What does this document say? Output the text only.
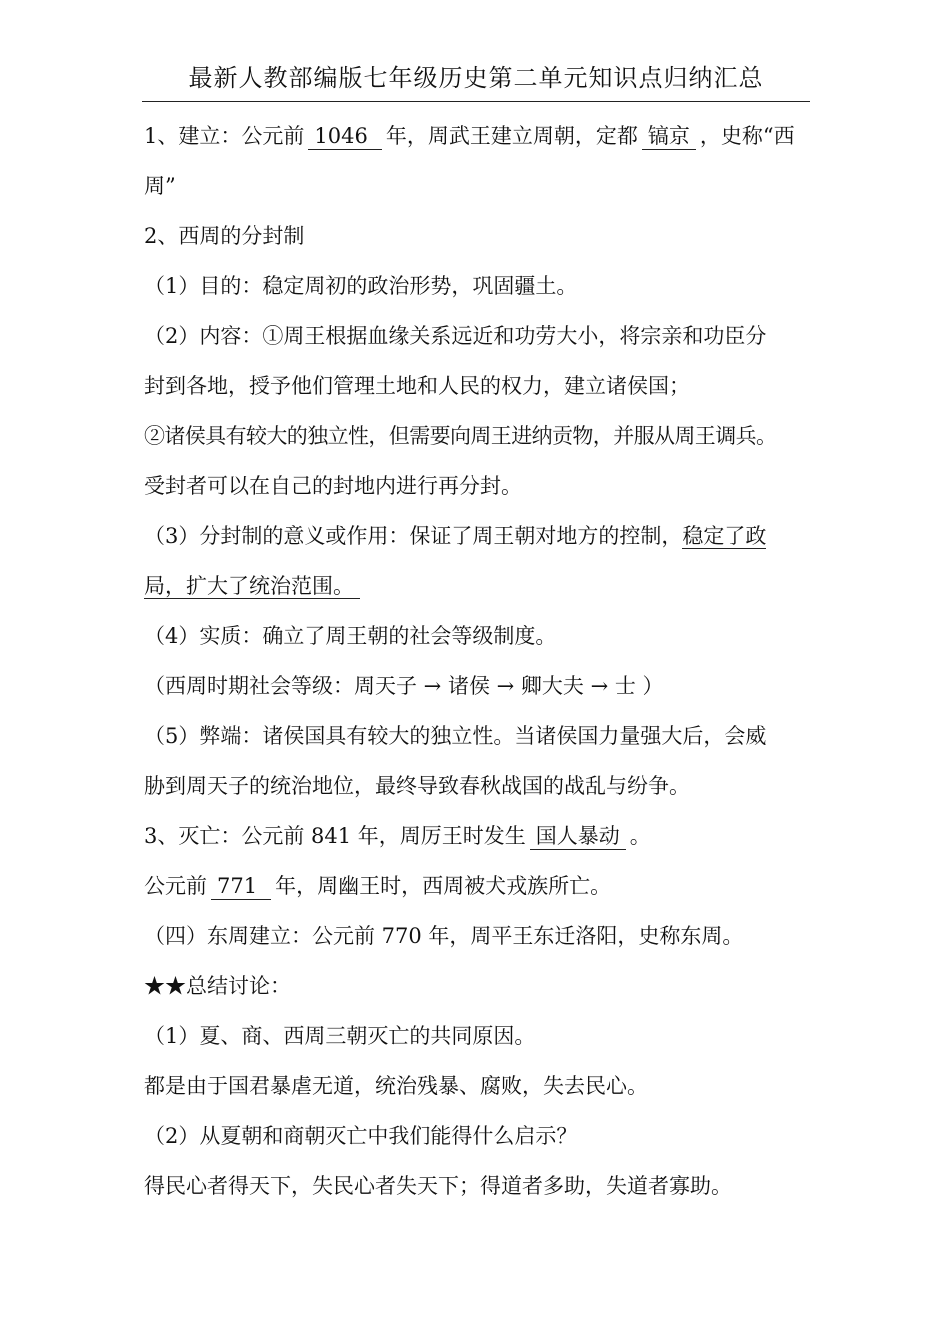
最新人教部编版七年级历史第二单元知识点归纳汇总
1、建立：公元前 1046 年，周武王建立周朝，定都 镐京 ，史称“西
周”
2、西周的分封制
（1）目的：稳定周初的政治形势，巩固疆土。
（2）内容：①周王根据血缘关系远近和功劳大小，将宗亲和功臣分
封到各地，授予他们管理土地和人民的权力，建立诸侯国；
②诸侯具有较大的独立性，但需要向周王进纳贡物，并服从周王调兵。
受封者可以在自己的封地内进行再分封。
（3）分封制的意义或作用：保证了周王朝对地方的控制，稳定了政
局，扩大了统治范围。
（4）实质：确立了周王朝的社会等级制度。
（西周时期社会等级：周天子 → 诸侯 → 卿大夫 → 士 ）
（5）弊端：诸侯国具有较大的独立性。当诸侯国力量强大后，会威
胁到周天子的统治地位，最终导致春秋战国的战乱与纷争。
3、灭亡：公元前 841 年，周厉王时发生 国人暴动 。
公元前 771 年，周幽王时，西周被犬戎族所亡。
（四）东周建立：公元前 770 年，周平王东迁洛阳，史称东周。
★★总结讨论：
（1）夏、商、西周三朝灭亡的共同原因。
都是由于国君暴虐无道，统治残暴、腐败，失去民心。
（2）从夏朝和商朝灭亡中我们能得什么启示？
得民心者得天下，失民心者失天下；得道者多助，失道者寡助。
